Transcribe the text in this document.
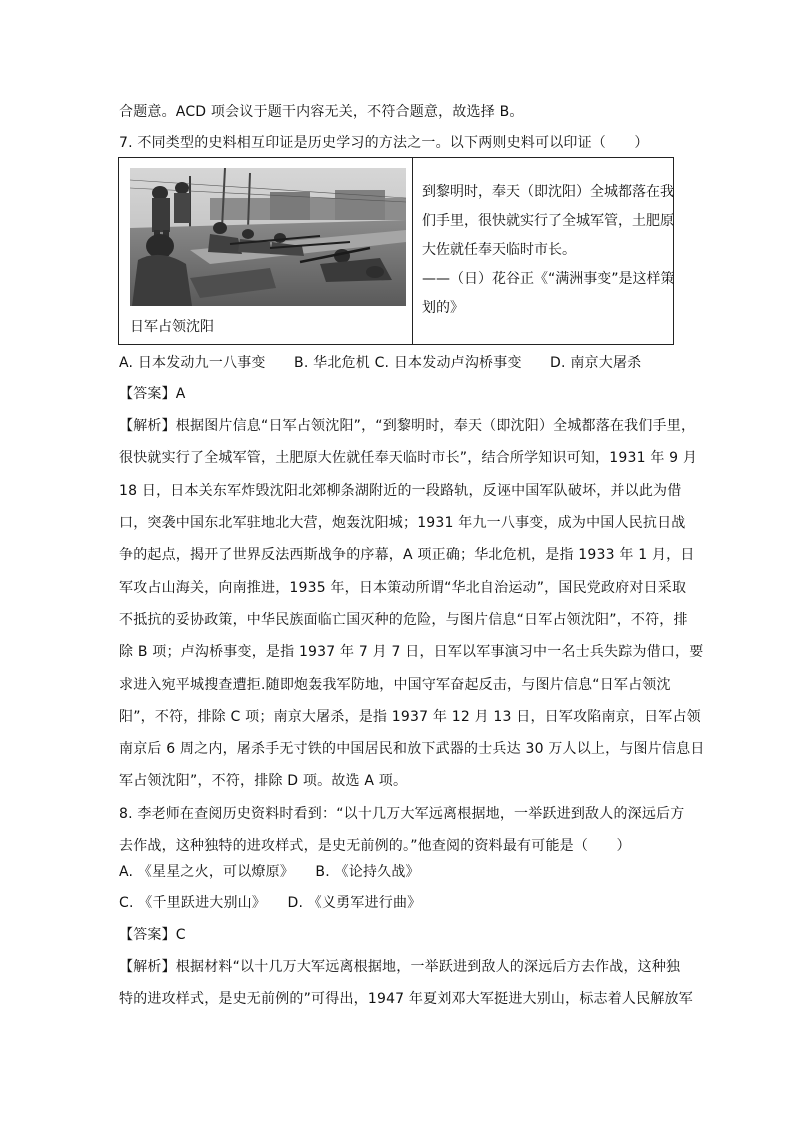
合题意。ACD 项会议于题干内容无关，不符合题意，故选择 B。
7. 不同类型的史料相互印证是历史学习的方法之一。以下两则史料可以印证（　　）
日军占领沈阳
到黎明时，奉天（即沈阳）全城都落在我
们手里，很快就实行了全城军管，土肥原
大佐就任奉天临时市长。
——（日）花谷正《“满洲事变”是这样策
划的》
A. 日本发动九一八事变　　B. 华北危机 C. 日本发动卢沟桥事变　　D. 南京大屠杀
【答案】A
【解析】根据图片信息“日军占领沈阳”，“到黎明时，奉天（即沈阳）全城都落在我们手里，
很快就实行了全城军管，土肥原大佐就任奉天临时市长”，结合所学知识可知，1931 年 9 月
18 日，日本关东军炸毁沈阳北郊柳条湖附近的一段路轨，反诬中国军队破坏，并以此为借
口，突袭中国东北军驻地北大营，炮轰沈阳城；1931 年九一八事变，成为中国人民抗日战
争的起点，揭开了世界反法西斯战争的序幕，A 项正确；华北危机，是指 1933 年 1 月，日
军攻占山海关，向南推进，1935 年，日本策动所谓“华北自治运动”，国民党政府对日采取
不抵抗的妥协政策，中华民族面临亡国灭种的危险，与图片信息“日军占领沈阳”，不符，排
除 B 项；卢沟桥事变，是指 1937 年 7 月 7 日，日军以军事演习中一名士兵失踪为借口，要
求进入宛平城搜查遭拒.随即炮轰我军防地，中国守军奋起反击，与图片信息“日军占领沈
阳”，不符，排除 C 项；南京大屠杀，是指 1937 年 12 月 13 日，日军攻陷南京，日军占领
南京后 6 周之内，屠杀手无寸铁的中国居民和放下武器的士兵达 30 万人以上，与图片信息日
军占领沈阳”，不符，排除 D 项。故选 A 项。
8. 李老师在查阅历史资料时看到：“以十几万大军远离根据地，一举跃进到敌人的深远后方
去作战，这种独特的进攻样式，是史无前例的。”他查阅的资料最有可能是（　　）
A. 《星星之火，可以燎原》　　B. 《论持久战》
C. 《千里跃进大别山》　　D. 《义勇军进行曲》
【答案】C
【解析】根据材料“以十几万大军远离根据地，一举跃进到敌人的深远后方去作战，这种独
特的进攻样式，是史无前例的”可得出，1947 年夏刘邓大军挺进大别山，标志着人民解放军
